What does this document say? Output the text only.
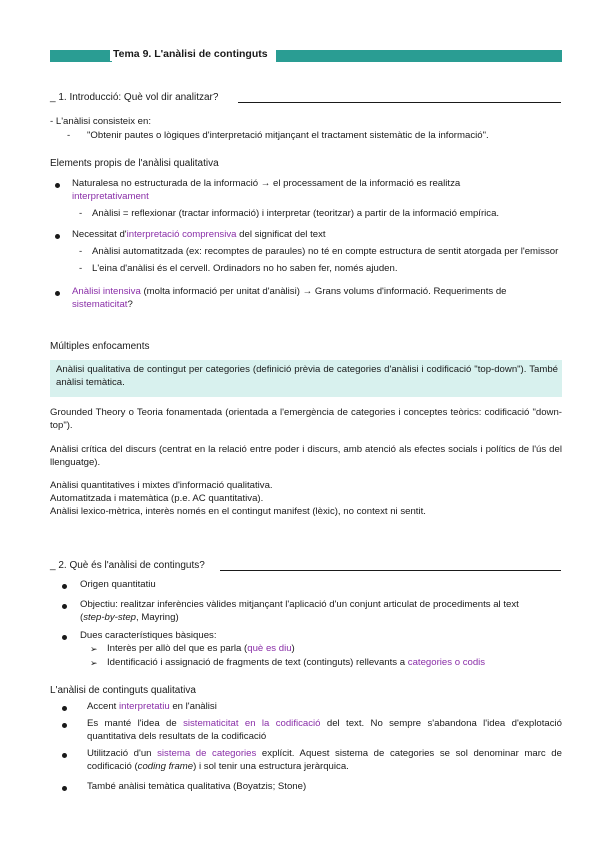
Tema 9. L'anàlisi de continguts
_ 1. Introducció: Què vol dir analitzar?
- L'anàlisi consisteix en:
- "Obtenir pautes o lògiques d'interpretació mitjançant el tractament sistemàtic de la informació".
Elements propis de l'anàlisi qualitativa
Naturalesa no estructurada de la informació → el processament de la informació es realitza
interpretativament
- Anàlisi = reflexionar (tractar informació) i interpretar (teoritzar) a partir de la informació empírica.
Necessitat d'interpretació comprensiva del significat del text
- Anàlisi automatitzada (ex: recomptes de paraules) no té en compte estructura de sentit atorgada per l'emissor
- L'eina d'anàlisi és el cervell. Ordinadors no ho saben fer, només ajuden.
Anàlisi intensiva (molta informació per unitat d'anàlisi) → Grans volums d'informació. Requeriments de
sistematicitat?
Múltiples enfocaments
Anàlisi qualitativa de contingut per categories (definició prèvia de categories d'anàlisi i codificació "top-down"). També anàlisi temàtica.
Grounded Theory o Teoria fonamentada (orientada a l'emergència de categories i conceptes teòrics: codificació "down-top").
Anàlisi crítica del discurs (centrat en la relació entre poder i discurs, amb atenció als efectes socials i polítics de l'ús del llenguatge).
Anàlisi quantitatives i mixtes d'informació qualitativa.
Automatitzada i matemàtica (p.e. AC quantitativa).
Anàlisi lexico-mètrica, interès només en el contingut manifest (lèxic), no context ni sentit.
_ 2. Què és l'anàlisi de continguts?
Origen quantitatiu
Objectiu: realitzar inferències vàlides mitjançant l'aplicació d'un conjunt articulat de procediments al text
(step-by-step, Mayring)
Dues característiques bàsiques:
➢ Interès per allò del que es parla (què es diu)
➢ Identificació i assignació de fragments de text (continguts) rellevants a categories o codis
L'anàlisi de continguts qualitativa
Accent interpretatiu en l'anàlisi
Es manté l'idea de sistematicitat en la codificació del text. No sempre s'abandona l'idea d'explotació quantitativa dels resultats de la codificació
Utilització d'un sistema de categories explícit. Aquest sistema de categories se sol denominar marc de codificació (coding frame) i sol tenir una estructura jeràrquica.
També anàlisi temàtica qualitativa (Boyatzis; Stone)
